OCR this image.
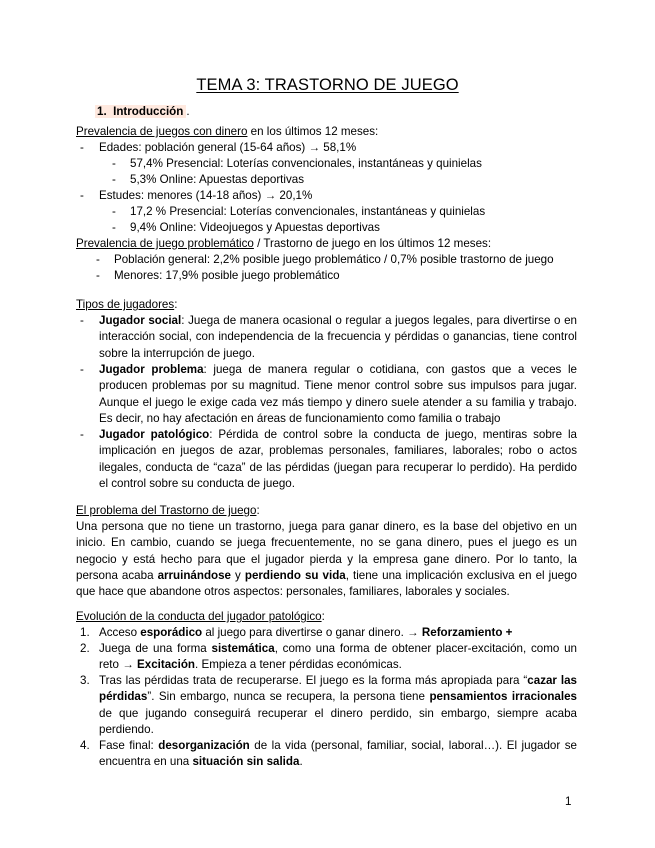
TEMA 3: TRASTORNO DE JUEGO
1. Introducción .
Prevalencia de juegos con dinero en los últimos 12 meses:
- Edades: población general (15-64 años) → 58,1%
- 57,4% Presencial: Loterías convencionales, instantáneas y quinielas
- 5,3% Online: Apuestas deportivas
- Estudes: menores (14-18 años) → 20,1%
- 17,2 % Presencial: Loterías convencionales, instantáneas y quinielas
- 9,4% Online: Videojuegos y Apuestas deportivas
Prevalencia de juego problemático / Trastorno de juego en los últimos 12 meses:
- Población general: 2,2% posible juego problemático / 0,7% posible trastorno de juego
- Menores: 17,9% posible juego problemático
Tipos de jugadores:
- Jugador social: Juega de manera ocasional o regular a juegos legales, para divertirse o en interacción social, con independencia de la frecuencia y pérdidas o ganancias, tiene control sobre la interrupción de juego.
- Jugador problema: juega de manera regular o cotidiana, con gastos que a veces le producen problemas por su magnitud. Tiene menor control sobre sus impulsos para jugar. Aunque el juego le exige cada vez más tiempo y dinero suele atender a su familia y trabajo. Es decir, no hay afectación en áreas de funcionamiento como familia o trabajo
- Jugador patológico: Pérdida de control sobre la conducta de juego, mentiras sobre la implicación en juegos de azar, problemas personales, familiares, laborales; robo o actos ilegales, conducta de “caza” de las pérdidas (juegan para recuperar lo perdido). Ha perdido el control sobre su conducta de juego.
El problema del Trastorno de juego:
Una persona que no tiene un trastorno, juega para ganar dinero, es la base del objetivo en un inicio. En cambio, cuando se juega frecuentemente, no se gana dinero, pues el juego es un negocio y está hecho para que el jugador pierda y la empresa gane dinero. Por lo tanto, la persona acaba arruinándose y perdiendo su vida, tiene una implicación exclusiva en el juego que hace que abandone otros aspectos: personales, familiares, laborales y sociales.
Evolución de la conducta del jugador patológico:
1. Acceso esporádico al juego para divertirse o ganar dinero. → Reforzamiento +
2. Juega de una forma sistemática, como una forma de obtener placer-excitación, como un reto → Excitación. Empieza a tener pérdidas económicas.
3. Tras las pérdidas trata de recuperarse. El juego es la forma más apropiada para “cazar las pérdidas”. Sin embargo, nunca se recupera, la persona tiene pensamientos irracionales de que jugando conseguirá recuperar el dinero perdido, sin embargo, siempre acaba perdiendo.
4. Fase final: desorganización de la vida (personal, familiar, social, laboral…). El jugador se encuentra en una situación sin salida.
1
